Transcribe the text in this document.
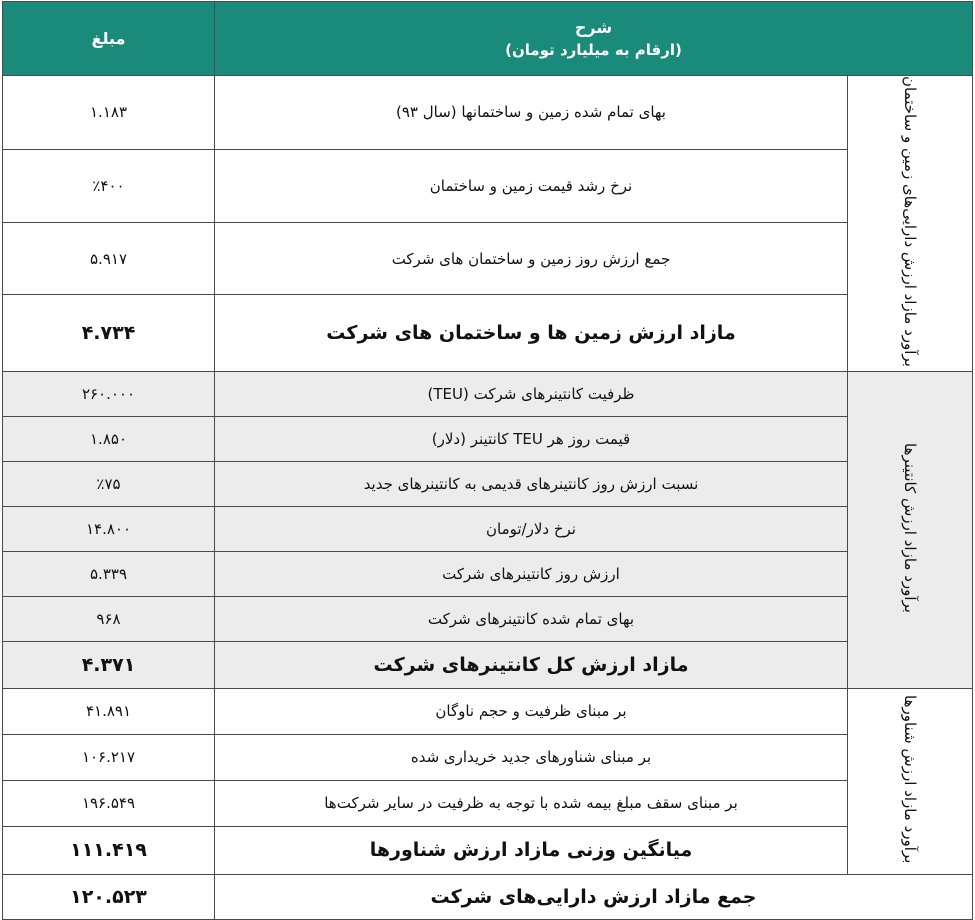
شرح
(ارقام به میلیارد تومان)		مبلغ
برآورد مازاد ارزش دارایی‌های زمین و ساختمان	بهای تمام شده زمین و ساختمانها (سال ۹۳)	۱.۱۸۳
	نرخ رشد قیمت زمین و ساختمان	٪۴۰۰
	جمع ارزش روز زمین و ساختمان های شرکت	۵.۹۱۷
	مازاد ارزش زمین ها و ساختمان های شرکت	۴.۷۳۴
برآورد مازاد ارزش کانتینرها	ظرفیت کانتینرهای شرکت (TEU)	۲۶۰.۰۰۰
	قیمت روز هر TEU کانتینر (دلار)	۱.۸۵۰
	نسبت ارزش روز کانتینرهای قدیمی به کانتینرهای جدید	٪۷۵
	نرخ دلار/تومان	۱۴.۸۰۰
	ارزش روز کانتینرهای شرکت	۵.۳۳۹
	بهای تمام شده کانتینرهای شرکت	۹۶۸
	مازاد ارزش کل کانتینرهای شرکت	۴.۳۷۱
برآورد مازاد ارزش شناورها	بر مبنای ظرفیت و حجم ناوگان	۴۱.۸۹۱
	بر مبنای شناورهای جدید خریداری شده	۱۰۶.۲۱۷
	بر مبنای سقف مبلغ بیمه شده با توجه به ظرفیت در سایر شرکت‌ها	۱۹۶.۵۴۹
	میانگین وزنی مازاد ارزش شناورها	۱۱۱.۴۱۹
جمع مازاد ارزش دارایی‌های شرکت		۱۲۰.۵۲۳
